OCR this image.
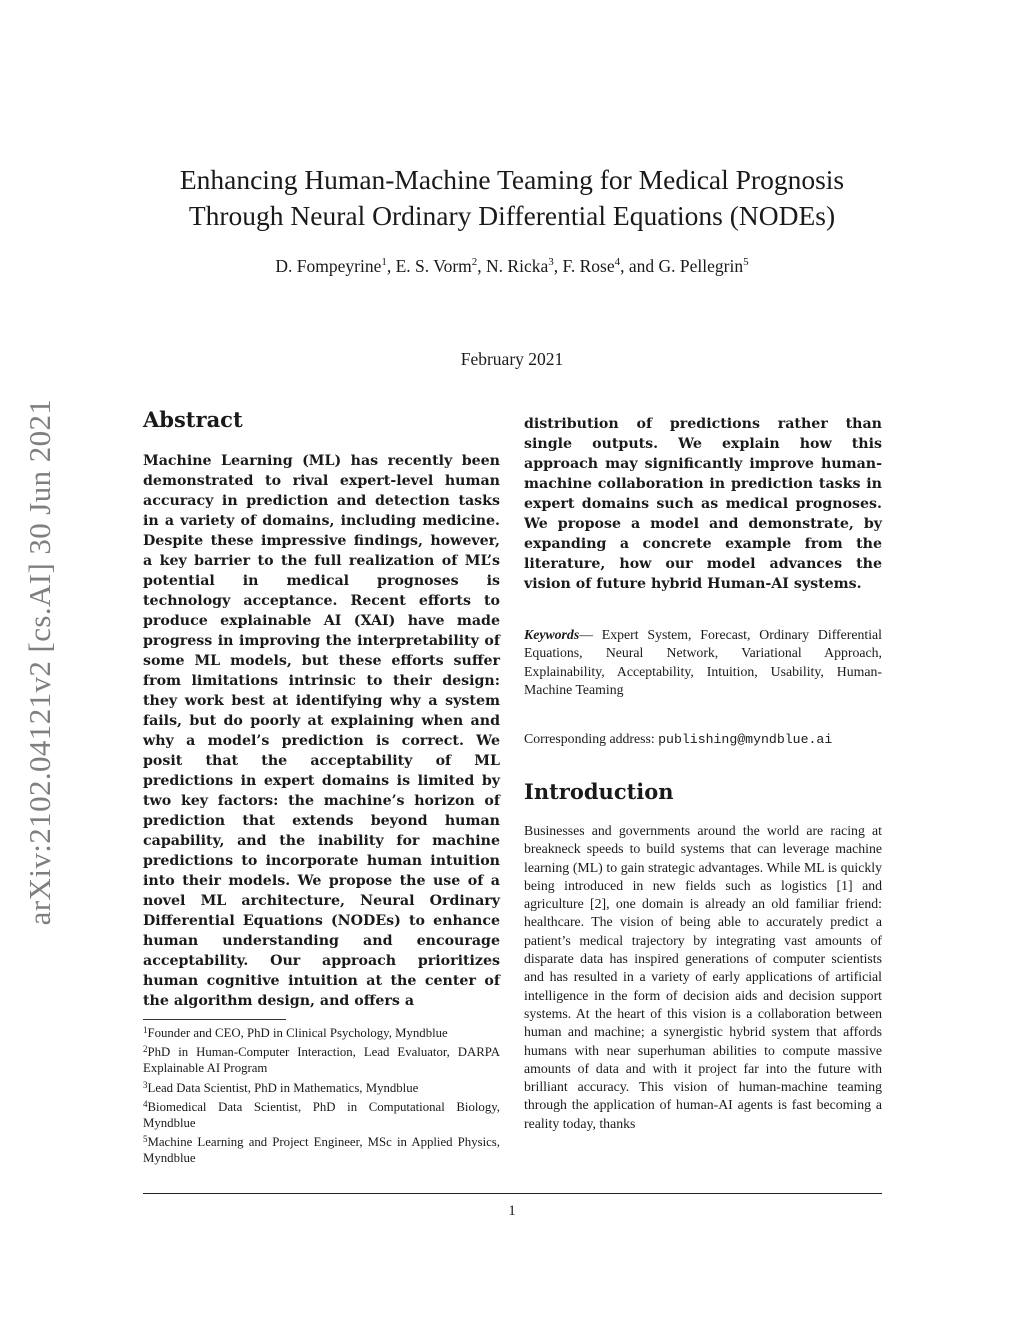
arXiv:2102.04121v2 [cs.AI] 30 Jun 2021
Enhancing Human-Machine Teaming for Medical Prognosis
Through Neural Ordinary Differential Equations (NODEs)
D. Fompeyrine$^1$, E. S. Vorm$^2$, N. Ricka$^3$, F. Rose$^4$, and G. Pellegrin$^5$
February 2021
Abstract
Machine Learning (ML) has recently been demonstrated to rival expert-level human accuracy in prediction and detection tasks in a variety of domains, including medicine. Despite these impressive findings, however, a key barrier to the full realization of ML’s potential in medical prognoses is technology acceptance. Recent efforts to produce explainable AI (XAI) have made progress in improving the interpretability of some ML models, but these efforts suffer from limitations intrinsic to their design: they work best at identifying why a system fails, but do poorly at explaining when and why a model’s prediction is correct. We posit that the acceptability of ML predictions in expert domains is limited by two key factors: the machine’s horizon of prediction that extends beyond human capability, and the inability for machine predictions to incorporate human intuition into their models. We propose the use of a novel ML architecture, Neural Ordinary Differential Equations (NODEs) to enhance human understanding and encourage acceptability. Our approach prioritizes human cognitive intuition at the center of the algorithm design, and offers a
distribution of predictions rather than single outputs. We explain how this approach may significantly improve human-machine collaboration in prediction tasks in expert domains such as medical prognoses. We propose a model and demonstrate, by expanding a concrete example from the literature, how our model advances the vision of future hybrid Human-AI systems.
Keywords— Expert System, Forecast, Ordinary Differential Equations, Neural Network, Variational Approach, Explainability, Acceptability, Intuition, Usability, Human-Machine Teaming
Corresponding address: publishing@myndblue.ai
Introduction
Businesses and governments around the world are racing at breakneck speeds to build systems that can leverage machine learning (ML) to gain strategic advantages. While ML is quickly being introduced in new fields such as logistics [1] and agriculture [2], one domain is already an old familiar friend: healthcare. The vision of being able to accurately predict a patient’s medical trajectory by integrating vast amounts of disparate data has inspired generations of computer scientists and has resulted in a variety of early applications of artificial intelligence in the form of decision aids and decision support systems. At the heart of this vision is a collaboration between human and machine; a synergistic hybrid system that affords humans with near superhuman abilities to compute massive amounts of data and with it project far into the future with brilliant accuracy. This vision of human-machine teaming through the application of human-AI agents is fast becoming a reality today, thanks

$^1$Founder and CEO, PhD in Clinical Psychology, Myndblue

$^2$PhD in Human-Computer Interaction, Lead Evaluator, DARPA Explainable AI Program

$^3$Lead Data Scientist, PhD in Mathematics, Myndblue

$^4$Biomedical Data Scientist, PhD in Computational Biology, Myndblue

$^5$Machine Learning and Project Engineer, MSc in Applied Physics, Myndblue

1
